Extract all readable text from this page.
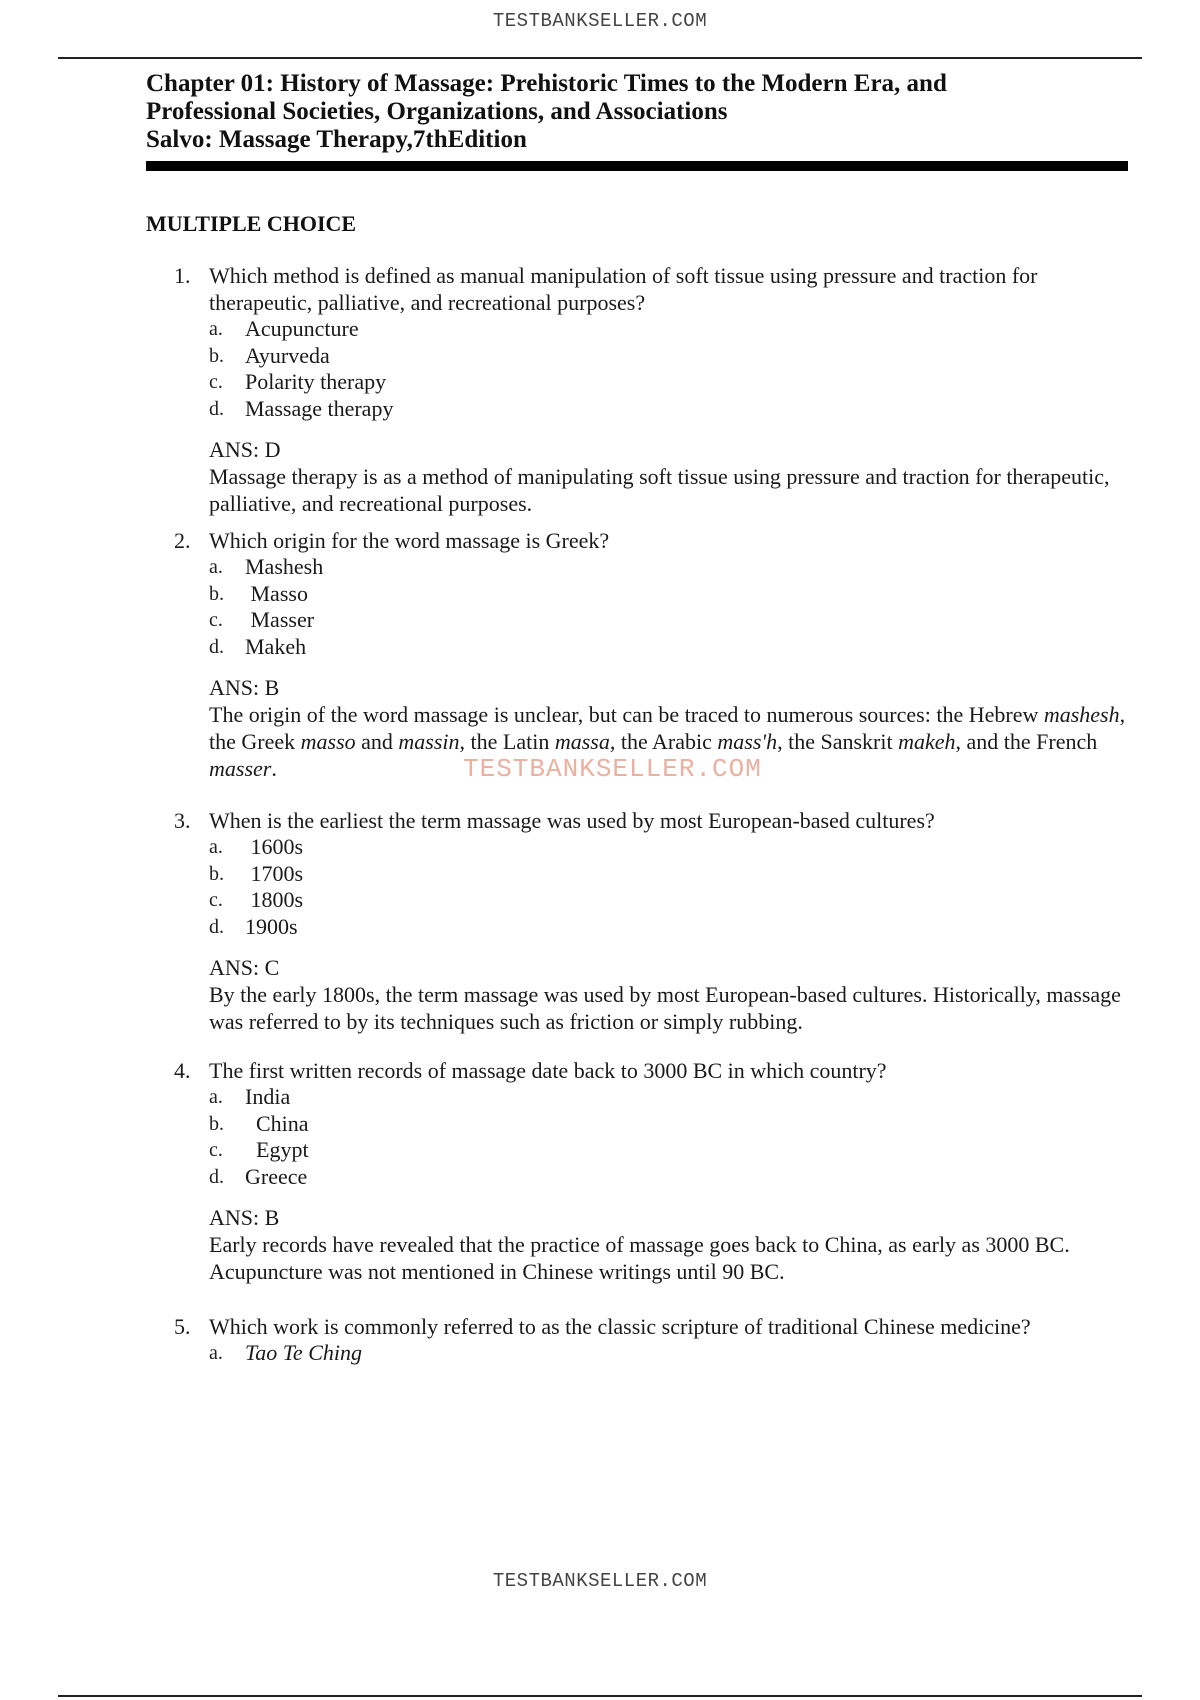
TESTBANKSELLER.COM
Chapter 01: History of Massage: Prehistoric Times to the Modern Era, and
Professional Societies, Organizations, and Associations
Salvo: Massage Therapy,7thEdition
MULTIPLE CHOICE
1. Which method is defined as manual manipulation of soft tissue using pressure and traction for therapeutic, palliative, and recreational purposes?
a.	Acupuncture
b. Ayurveda
c.	Polarity therapy
d. Massage therapy
ANS: D
Massage therapy is as a method of manipulating soft tissue using pressure and traction for therapeutic, palliative, and recreational purposes.
2. Which origin for the word massage is Greek?
a.	Mashesh
b. Masso
c.	Masser
d. Makeh
ANS: B
The origin of the word massage is unclear, but can be traced to numerous sources: the Hebrew mashesh, the Greek masso and massin, the Latin massa, the Arabic mass'h, the Sanskrit makeh, and the French masser.
3. When is the earliest the term massage was used by most European-based cultures?
a.	1600s
b. 1700s
c.	1800s
d. 1900s
ANS: C
By the early 1800s, the term massage was used by most European-based cultures. Historically, massage was referred to by its techniques such as friction or simply rubbing.
4. The first written records of massage date back to 3000 BC in which country?
a.	India
b. China
c.	Egypt
d. Greece
ANS: B
Early records have revealed that the practice of massage goes back to China, as early as 3000 BC. Acupuncture was not mentioned in Chinese writings until 90 BC.
5. Which work is commonly referred to as the classic scripture of traditional Chinese medicine?
a.	Tao Te Ching
TESTBANKSELLER.COM
TESTBANKSELLER.COM
